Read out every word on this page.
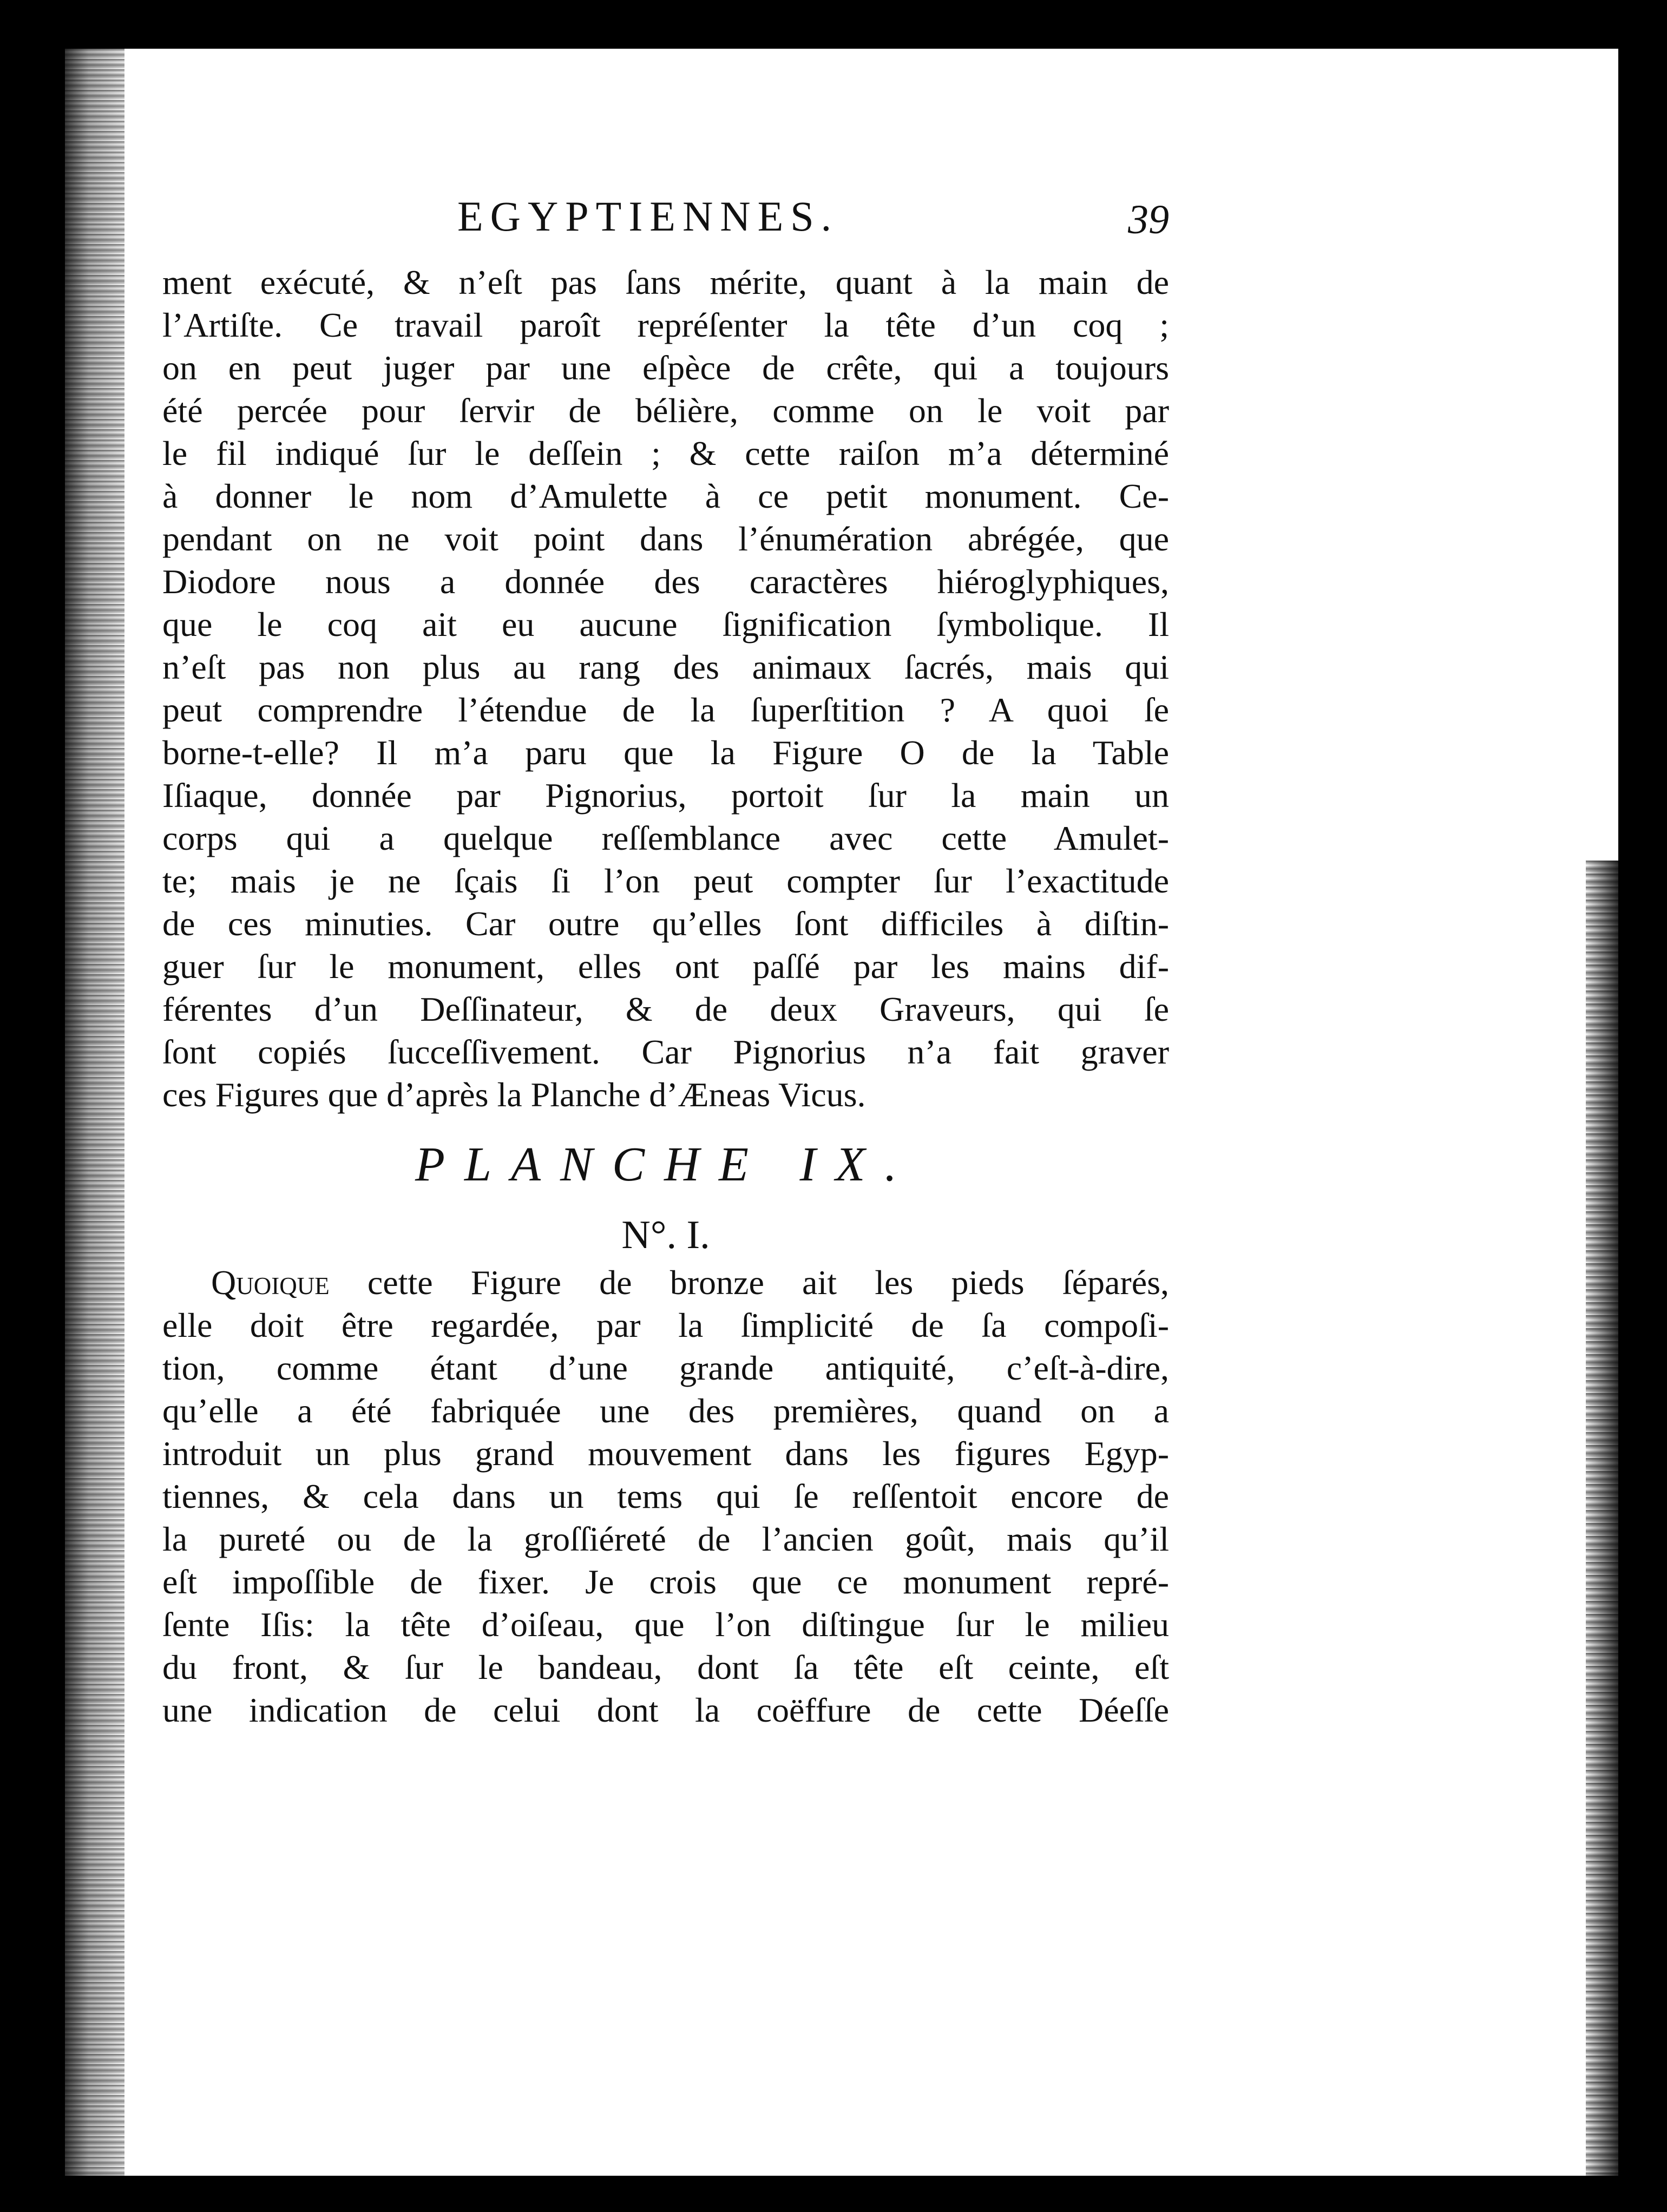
EGYPTIENNES.	39
ment exécuté, & n’eſt pas ſans mérite, quant à la main de
l’Artiſte. Ce travail paroît repréſenter la tête d’un coq ;
on en peut juger par une eſpèce de crête, qui a toujours
été percée pour ſervir de bélière, comme on le voit par
le fil indiqué ſur le deſſein ; & cette raiſon m’a déterminé
à donner le nom d’Amulette à ce petit monument. Ce-
pendant on ne voit point dans l’énumération abrégée, que
Diodore nous a donnée des caractères hiéroglyphiques,
que le coq ait eu aucune ſignification ſymbolique. Il
n’eſt pas non plus au rang des animaux ſacrés, mais qui
peut comprendre l’étendue de la ſuperſtition ? A quoi ſe
borne-t-elle? Il m’a paru que la Figure O de la Table
Iſiaque, donnée par Pignorius, portoit ſur la main un
corps qui a quelque reſſemblance avec cette Amulet-
te; mais je ne ſçais ſi l’on peut compter ſur l’exactitude
de ces minuties. Car outre qu’elles ſont difficiles à diſtin-
guer ſur le monument, elles ont paſſé par les mains dif-
férentes d’un Deſſinateur, & de deux Graveurs, qui ſe
ſont copiés ſucceſſivement. Car Pignorius n’a fait graver
ces Figures que d’après la Planche d’Æneas Vicus.
PLANCHE IX.
N°. I.
Quoique cette Figure de bronze ait les pieds ſéparés,
elle doit être regardée, par la ſimplicité de ſa compoſi-
tion, comme étant d’une grande antiquité, c’eſt-à-dire,
qu’elle a été fabriquée une des premières, quand on a
introduit un plus grand mouvement dans les figures Egyp-
tiennes, & cela dans un tems qui ſe reſſentoit encore de
la pureté ou de la groſſiéreté de l’ancien goût, mais qu’il
eſt impoſſible de fixer. Je crois que ce monument repré-
ſente Iſis: la tête d’oiſeau, que l’on diſtingue ſur le milieu
du front, & ſur le bandeau, dont ſa tête eſt ceinte, eſt
une indication de celui dont la coëffure de cette Déeſſe
